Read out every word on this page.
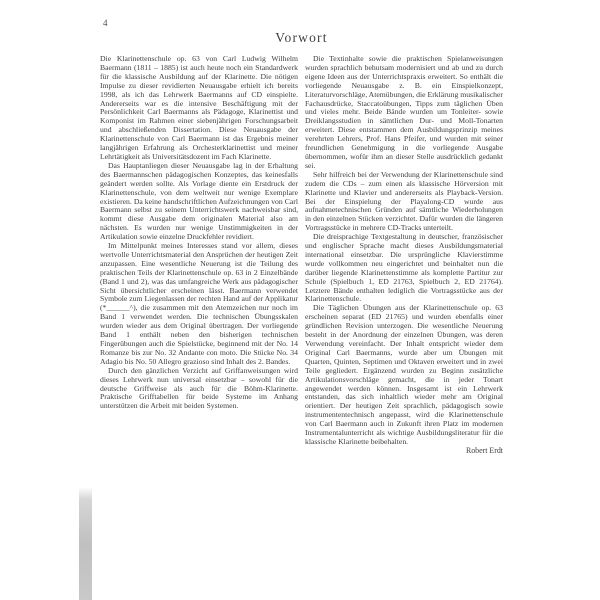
4
Vorwort

Die Klarinettenschule op. 63 von Carl Ludwig Wilhelm Baermann (1811 – 1885) ist auch heute noch ein Standardwerk für die klassische Ausbildung auf der Klarinette. Die nötigen Impulse zu dieser revidierten Neuausgabe erhielt ich bereits 1998, als ich das Lehrwerk Baermanns auf CD einspielte. Andererseits war es die intensive Beschäftigung mit der Persönlichkeit Carl Baermanns als Pädagoge, Klarinettist und Komponist im Rahmen einer siebenjährigen Forschungsarbeit und abschließenden Dissertation. Diese Neuausgabe der Klarinettenschule von Carl Baermann ist das Ergebnis meiner langjährigen Erfahrung als Orchesterklarinettist und meiner Lehrtätigkeit als Universitätsdozent im Fach Klarinette.

Das Hauptanliegen dieser Neuausgabe lag in der Erhaltung des Baermannschen pädagogischen Konzeptes, das keinesfalls geändert werden sollte. Als Vorlage diente ein Erstdruck der Klarinettenschule, von dem weltweit nur wenige Exemplare existieren. Da keine handschriftlichen Aufzeichnungen von Carl Baermann selbst zu seinem Unterrichtswerk nachweisbar sind, kommt diese Ausgabe dem originalen Material also am nächsten. Es wurden nur wenige Unstimmigkeiten in der Artikulation sowie einzelne Druckfehler revidiert.

Im Mittelpunkt meines Interesses stand vor allem, dieses wertvolle Unterrichtsmaterial den Ansprüchen der heutigen Zeit anzupassen. Eine wesentliche Neuerung ist die Teilung des praktischen Teils der Klarinettenschule op. 63 in 2 Einzelbände (Band 1 und 2), was das umfangreiche Werk aus pädagogischer Sicht übersichtlicher erscheinen lässt. Baermann verwendet Symbole zum Liegenlassen der rechten Hand auf der Applikatur (*______^), die zusammen mit den Atemzeichen nur noch im Band 1 verwendet werden. Die technischen Übungsskalen wurden wieder aus dem Original übertragen. Der vorliegende Band 1 enthält neben den bisherigen technischen Fingerübungen auch die Spielstücke, beginnend mit der No. 14 Romanze bis zur No. 32 Andante con moto. Die Stücke No. 34 Adagio bis No. 50 Allegro grazioso sind Inhalt des 2. Bandes.

Durch den gänzlichen Verzicht auf Griffanweisungen wird dieses Lehrwerk nun universal einsetzbar – sowohl für die deutsche Griffweise als auch für die Böhm-Klarinette. Praktische Grifftabellen für beide Systeme im Anhang unterstützen die Arbeit mit beiden Systemen.

Die Textinhalte sowie die praktischen Spielanweisungen wurden sprachlich behutsam modernisiert und ab und zu durch eigene Ideen aus der Unterrichtspraxis erweitert. So enthält die vorliegende Neuausgabe z. B. ein Einspielkonzept, Literaturvorschläge, Atemübungen, die Erklärung musikalischer Fachausdrücke, Staccatoübungen, Tipps zum täglichen Üben und vieles mehr. Beide Bände wurden um Tonleiter- sowie Dreiklangsstudien in sämtlichen Dur- und Moll-Tonarten erweitert. Diese entstammen dem Ausbildungsprinzip meines verehrten Lehrers, Prof. Hans Pfeifer, und wurden mit seiner freundlichen Genehmigung in die vorliegende Ausgabe übernommen, wofür ihm an dieser Stelle ausdrücklich gedankt sei.

Sehr hilfreich bei der Verwendung der Klarinettenschule sind zudem die CDs – zum einen als klassische Hörversion mit Klarinette und Klavier und andererseits als Playback-Version. Bei der Einspielung der Playalong-CD wurde aus aufnahmetechnischen Gründen auf sämtliche Wiederholungen in den einzelnen Stücken verzichtet. Dafür wurden die längeren Vortragsstücke in mehrere CD-Tracks unterteilt.

Die dreisprachige Textgestaltung in deutscher, französischer und englischer Sprache macht dieses Ausbildungsmaterial international einsetzbar. Die ursprüngliche Klavierstimme wurde vollkommen neu eingerichtet und beinhaltet nun die darüber liegende Klarinettenstimme als komplette Partitur zur Schule (Spielbuch 1, ED 21763, Spielbuch 2, ED 21764). Letztere Bände enthalten lediglich die Vortragsstücke aus der Klarinettenschule.

Die Täglichen Übungen aus der Klarinettenschule op. 63 erscheinen separat (ED 21765) und wurden ebenfalls einer gründlichen Revision unterzogen. Die wesentliche Neuerung besteht in der Anordnung der einzelnen Übungen, was deren Verwendung vereinfacht. Der Inhalt entspricht wieder dem Original Carl Baermanns, wurde aber um Übungen mit Quarten, Quinten, Septimen und Oktaven erweitert und in zwei Teile gegliedert. Ergänzend wurden zu Beginn zusätzliche Artikulationsvorschläge gemacht, die in jeder Tonart angewendet werden können. Insgesamt ist ein Lehrwerk entstanden, das sich inhaltlich wieder mehr am Original orientiert. Der heutigen Zeit sprachlich, pädagogisch sowie instrumententechnisch angepasst, wird die Klarinettenschule von Carl Baermann auch in Zukunft ihren Platz im modernen Instrumentalunterricht als wichtige Ausbildungsliteratur für die klassische Klarinette beibehalten.

Robert Erdt
